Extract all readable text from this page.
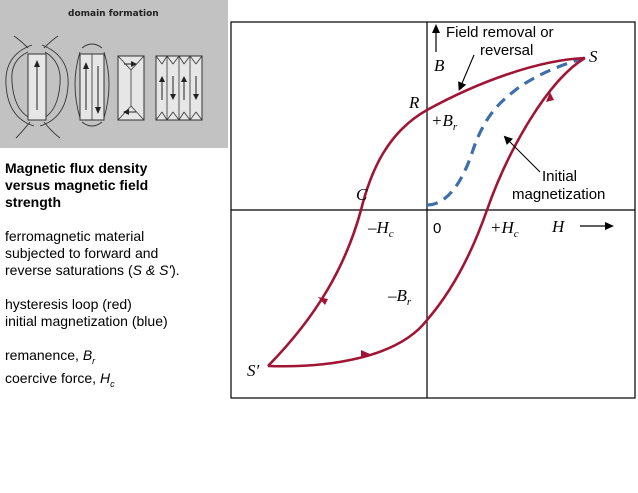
domain formation
Magnetic flux density
versus magnetic field
strength
ferromagnetic material
subjected to forward and
reverse saturations (S & S').
hysteresis loop (red)
initial magnetization (blue)
remanence, $B_r$
coercive force, $H_c$
B
H
0
S
S′
R
C
$+B_r$
$-B_r$
$-H_c$	$+H_c$
Field removal or
reversal
Initial
magnetization
